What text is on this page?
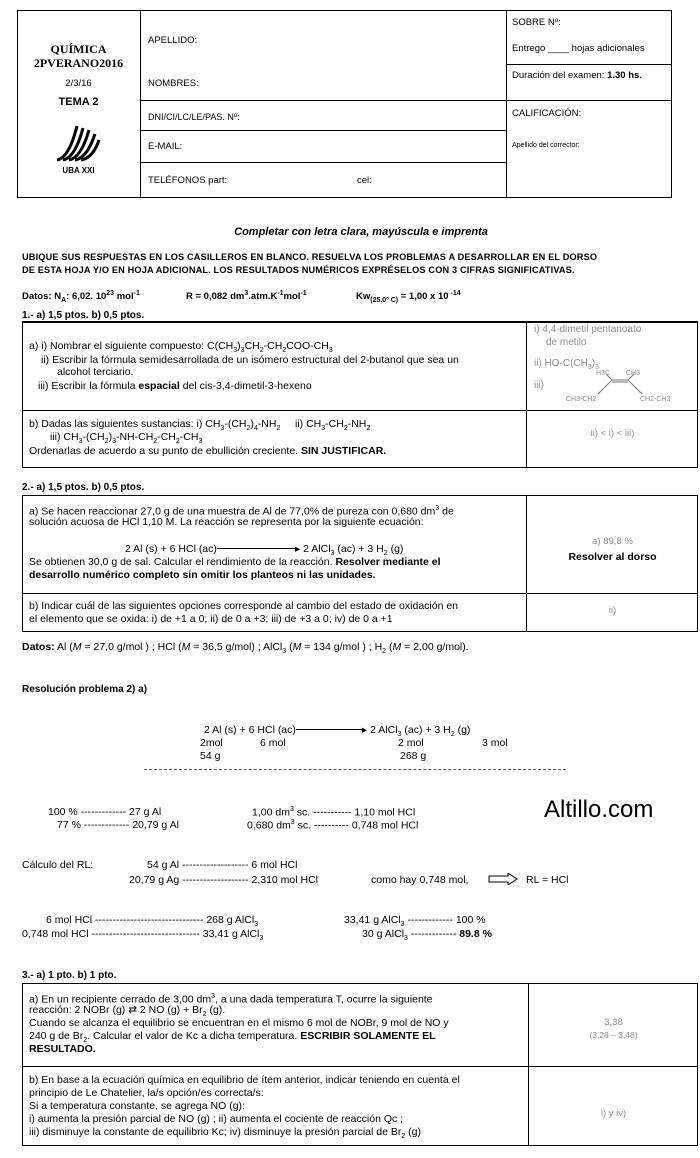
QUÍMICA
2PVERANO2016
2/3/16
TEMA 2
UBA XXI
APELLIDO:
NOMBRES:
DNI/CI/LC/LE/PAS. Nº:
E-MAIL:
TELÉFONOS part:	cel:
SOBRE Nº:
Entrego ____ hojas adicionales
Duración del examen: 1.30 hs.
CALIFICACIÓN:
Apellido del corrector:
Completar con letra clara, mayúscula e imprenta
UBIQUE SUS RESPUESTAS EN LOS CASILLEROS EN BLANCO. RESUELVA LOS PROBLEMAS A DESARROLLAR EN EL DORSO
DE ESTA HOJA Y/O EN HOJA ADICIONAL. LOS RESULTADOS NUMÉRICOS EXPRÉSELOS CON 3 CIFRAS SIGNIFICATIVAS.
Datos: $N_A$: 6,02. $10^{23}$ mol$^{-1}$	R = 0,082 $dm^3.atm.K^{-1}mol^{-1}$	$Kw_{(25,0º C)} = 1,00$ x 10 $^{-14}$
1.- a) 1,5 ptos. b) 0,5 ptos.
a) i) Nombrar el siguiente compuesto: $C(CH_3)_3CH_2-CH_2COO-CH_3$
ii) Escribir la fórmula semidesarrollada de un isómero estructural del 2-butanol que sea un
alcohol terciario.
iii) Escribir la fórmula espacial del cis-3,4-dimetil-3-hexeno
i) 4,4-dimetil pentanoato
de metilo
ii) $HO-C(CH_3)_3$
iii)
H3C CH3
CH3-CH2	CH2-CH3
b) Dadas las siguientes sustancias: i) $CH_3-(CH_2)_4-NH_2$ ii) $CH_3-CH_2-NH_2$
iii) $CH_3-(CH_2)_3-NH-CH_2-CH_2-CH_3$
Ordenarlas de acuerdo a su punto de ebullición creciente. SIN JUSTIFICAR.
ii) < i) < iii)
2.- a) 1,5 ptos. b) 0,5 ptos.
a) Se hacen reaccionar 27,0 g de una muestra de Al de 77,0% de pureza con 0,680 $dm^3$ de
solución acuosa de HCl 1,10 M. La reacción se representa por la siguiente ecuación:
2 Al (s) + 6 HCl (ac)	▸ 2 AlCl$_3$ (ac) + 3 $H_2$ (g)
Se obtienen 30,0 g de sal. Calcular el rendimiento de la reacción. Resolver mediante el
desarrollo numérico completo sin omitir los planteos ni las unidades.
a) 89,8 %
Resolver al dorso
b) Indicar cuál de las siguientes opciones corresponde al cambio del estado de oxidación en
el elemento que se oxida: i) de +1 a 0; ii) de 0 a +3; iii) de +3 a 0; iv) de 0 a +1
ii)
Datos: Al (M = 27,0 g/mol ) ; HCl (M = 36,5 g/mol) ; AlCl$_3$ (M = 134 g/mol ) ; $H_2$ (M = 2,00 g/mol).
Resolución problema 2) a)
2 Al (s) + 6 HCl (ac)	▸ 2 AlCl$_3$ (ac) + 3 $H_2$ (g)
2mol	6 mol	2 mol	3 mol
54 g	268 g
100 % ------------- 27 g Al
77 % ------------- 20,79 g Al
1,00 $dm^3$ sc. ----------- 1,10 mol HCl
0,680 $dm^3$ sc. ---------- 0,748 mol HCl
Altillo.com
Cálculo del RL:	54 g Al ------------------- 6 mol HCl
20,79 g Ag ------------------- 2,310 mol HCl	como hay 0,748 mol,	RL = HCl
6 mol HCl ------------------------------- 268 g AlCl$_3$
0,748 mol HCl ------------------------------- 33,41 g AlCl$_3$
33,41 g AlCl$_3$ ------------- 100 %
30 g AlCl$_3$ ------------- 89.8 %
3.- a) 1 pto. b) 1 pto.
a) En un recipiente cerrado de 3,00 $dm^3$, a una dada temperatura T, ocurre la siguiente
reacción: 2 NOBr (g) ⇄ 2 NO $(g) + Br_2$ (g).
Cuando se alcanza el equilibrio se encuentran en el mismo 6 mol de NOBr, 9 mol de NO y
240 g de $Br_2$. Calcular el valor de Kc a dicha temperatura. ESCRIBIR SOLAMENTE EL
RESULTADO.
3,38
(3,28 – 3,48)
b) En base a la ecuación química en equilibrio de ítem anterior, indicar teniendo en cuenta el
principio de Le Chatelier, la/s opción/es correcta/s:
Si a temperatura constante, se agrega NO (g):
i) aumenta la presión parcial de NO (g) ; ii) aumenta el cociente de reacción Qc ;
iii) disminuye la constante de equilibrio Kc; iv) disminuye la presión parcial de $Br_2$ (g)
i) y iv)
